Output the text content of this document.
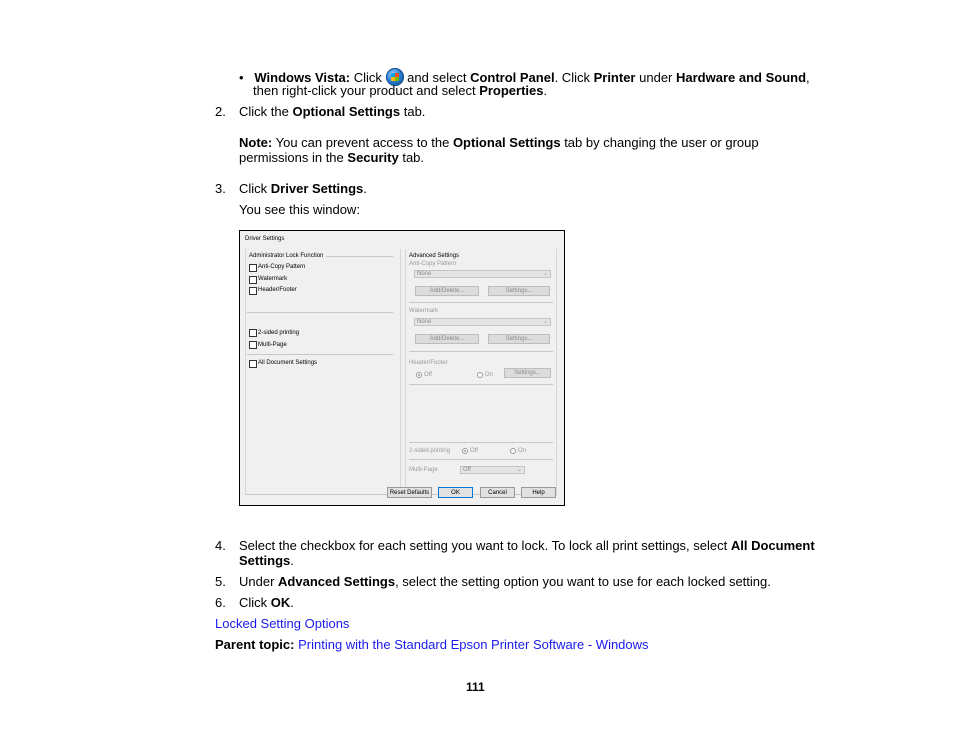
• Windows Vista: Click and select Control Panel. Click Printer under Hardware and Sound,
then right-click your product and select Properties.
2. Click the Optional Settings tab.
Note: You can prevent access to the Optional Settings tab by changing the user or group
permissions in the Security tab.
3. Click Driver Settings.
You see this window:
Driver Settings
Administrator Lock Function
Anti-Copy Pattern
Watermark
Header/Footer
2-sided printing
Multi-Page
All Document Settings
Advanced Settings
Anti-Copy Pattern
None	⌄
Add/Delete...	Settings...
Watermark
None	⌄
Add/Delete...	Settings...
Header/Footer
Off	On	Settings...
2-sided printing	Off	On
Multi-Page	Off	⌄
Reset Defaults	OK	Cancel	Help
4. Select the checkbox for each setting you want to lock. To lock all print settings, select All Document
Settings.
5. Under Advanced Settings, select the setting option you want to use for each locked setting.
6. Click OK.
Locked Setting Options
Parent topic: Printing with the Standard Epson Printer Software - Windows
111
